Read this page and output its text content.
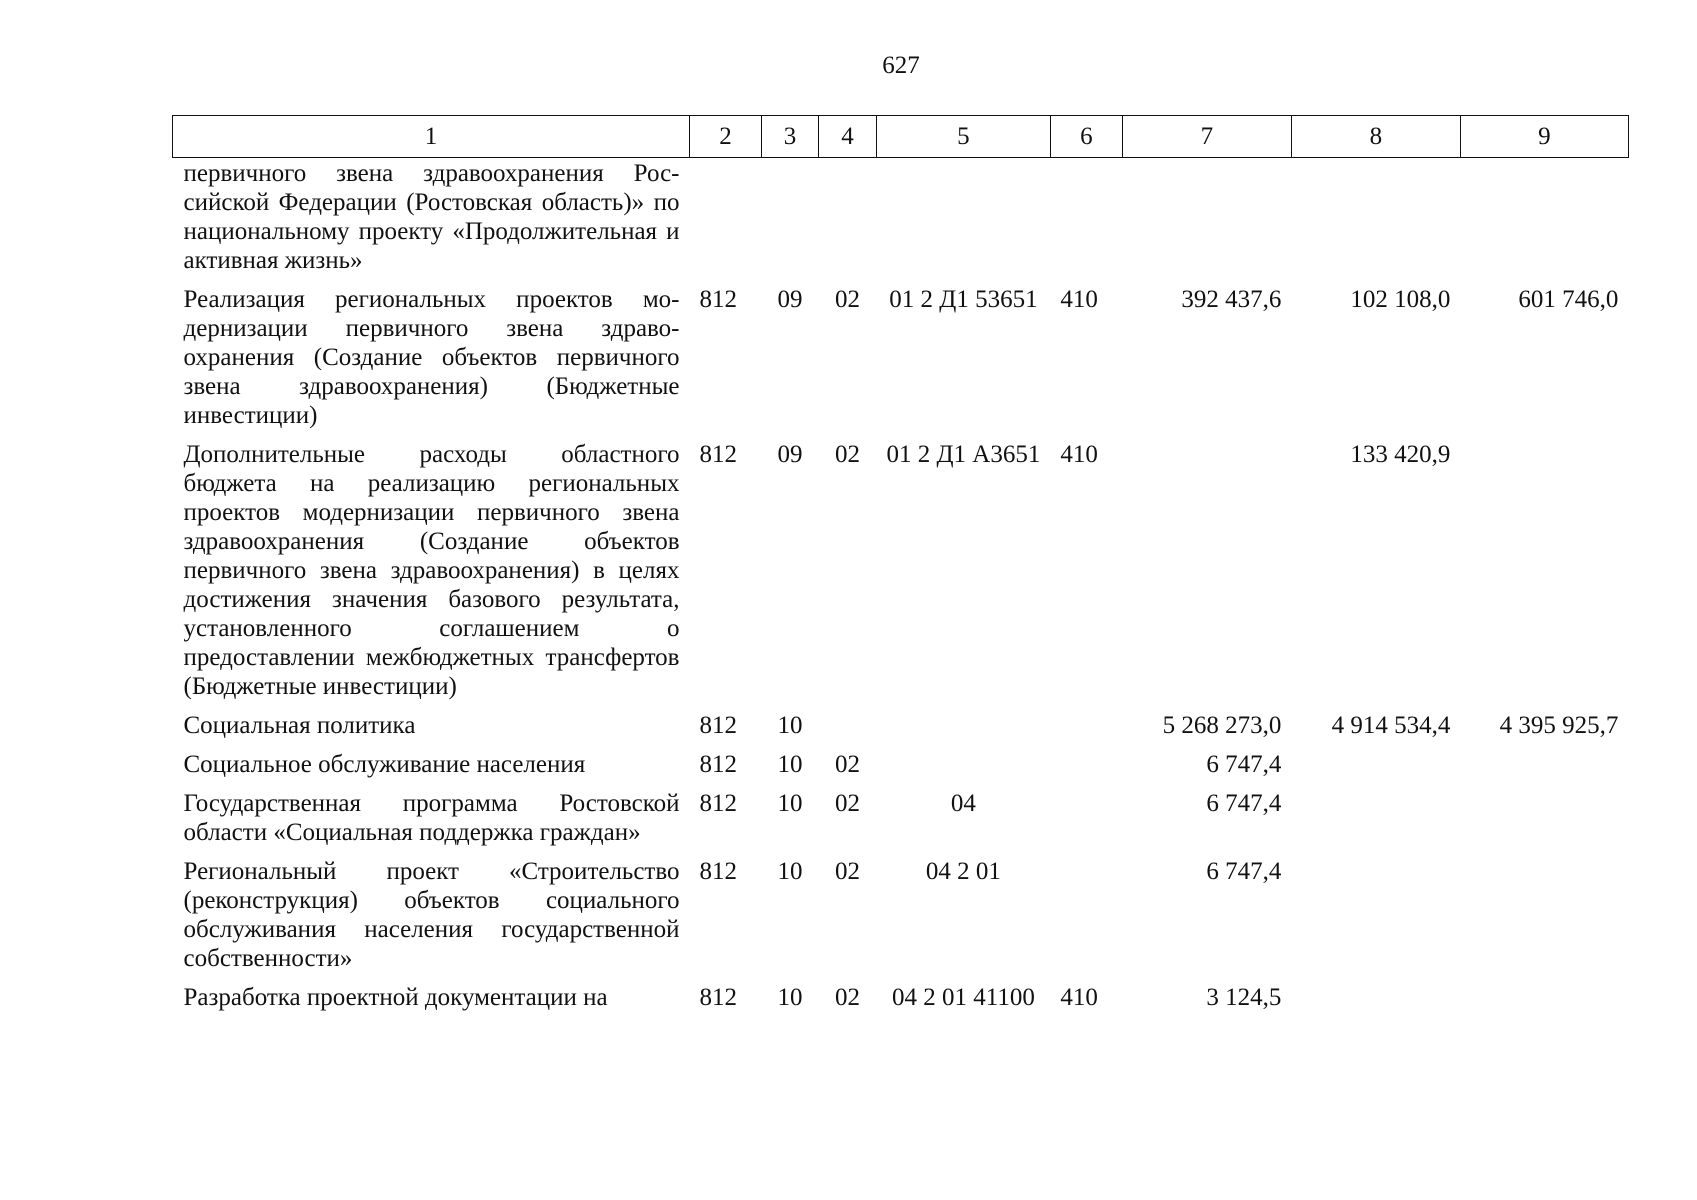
627
1	2	3	4	5	6	7	8	9
первичного звена здравоохранения Российской Федерации (Ростовская область)» по национальному проекту «Продолжительная и активная жизнь»								
Реализация региональных проектов модернизации первичного звена здравоохранения (Создание объектов первичного звена здравоохранения) (Бюджетные инвестиции)	812	09	02	01 2 Д1 53651	410	392 437,6	102 108,0	601 746,0
Дополнительные расходы областного бюджета на реализацию региональных проектов модернизации первичного звена здравоохранения (Создание объектов первичного звена здравоохранения) в целях достижения значения базового результата, установленного соглашением о предоставлении межбюджетных трансфертов (Бюджетные инвестиции)	812	09	02	01 2 Д1 А3651	410		133 420,9	
Социальная политика	812	10				5 268 273,0	4 914 534,4	4 395 925,7
Социальное обслуживание населения	812	10	02			6 747,4		
Государственная программа Ростовской области «Социальная поддержка граждан»	812	10	02	04		6 747,4		
Региональный проект «Строительство (реконструкция) объектов социального обслуживания населения государственной собственности»	812	10	02	04 2 01		6 747,4		
Разработка проектной документации на	812	10	02	04 2 01 41100	410	3 124,5		
